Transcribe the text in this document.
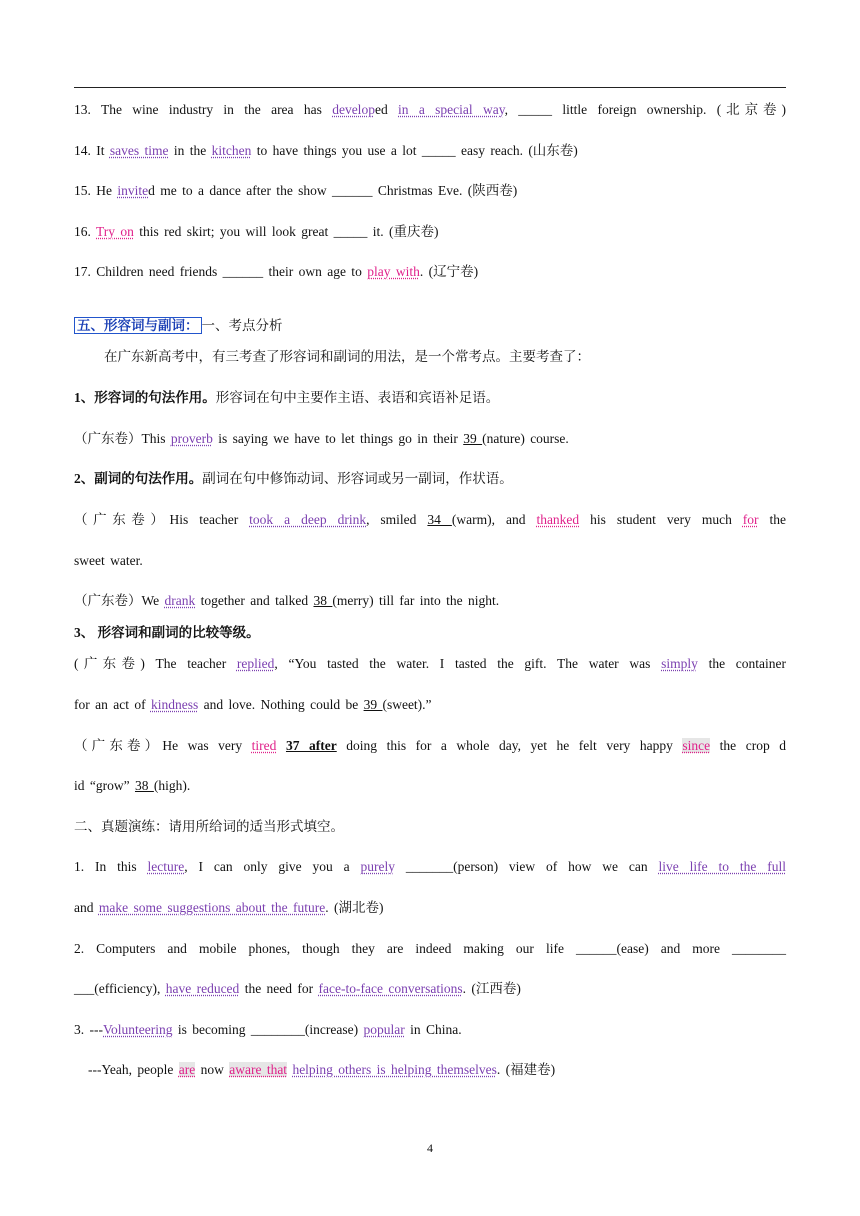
13. The wine industry in the area has developed in a special way, _____ little foreign ownership. (北京卷)
14. It saves time in the kitchen to have things you use a lot _____ easy reach. (山东卷)
15. He invited me to a dance after the show ______ Christmas Eve. (陕西卷)
16. Try on this red skirt; you will look great _____ it. (重庆卷)
17. Children need friends ______ their own age to play with. (辽宁卷)
五、形容词与副词： 一、考点分析
在广东新高考中，有三考查了形容词和副词的用法，是一个常考点。主要考查了：
1、形容词的句法作用。形容词在句中主要作主语、表语和宾语补足语。
（广东卷）This proverb is saying we have to let things go in their 39 (nature) course.
2、副词的句法作用。副词在句中修饰动词、形容词或另一副词，作状语。
（广东卷）His teacher took a deep drink, smiled 34 (warm), and thanked his student very much for the
sweet water.
（广东卷）We drank together and talked 38 (merry) till far into the night.
3、 形容词和副词的比较等级。
(广东卷) The teacher replied, “You tasted the water. I tasted the gift. The water was simply the container
for an act of kindness and love. Nothing could be 39 (sweet).”
（广东卷）He was very tired 37 after doing this for a whole day, yet he felt very happy since the crop d
id “grow” 38 (high).
二、真题演练：请用所给词的适当形式填空。
1. In this lecture, I can only give you a purely _______(person) view of how we can live life to the full
and make some suggestions about the future. (湖北卷)
2. Computers and mobile phones, though they are indeed making our life ______(ease) and more ________
___(efficiency), have reduced the need for face-to-face conversations. (江西卷)
3. ---Volunteering is becoming ________(increase) popular in China.
---Yeah, people are now aware that helping others is helping themselves. (福建卷)
4
